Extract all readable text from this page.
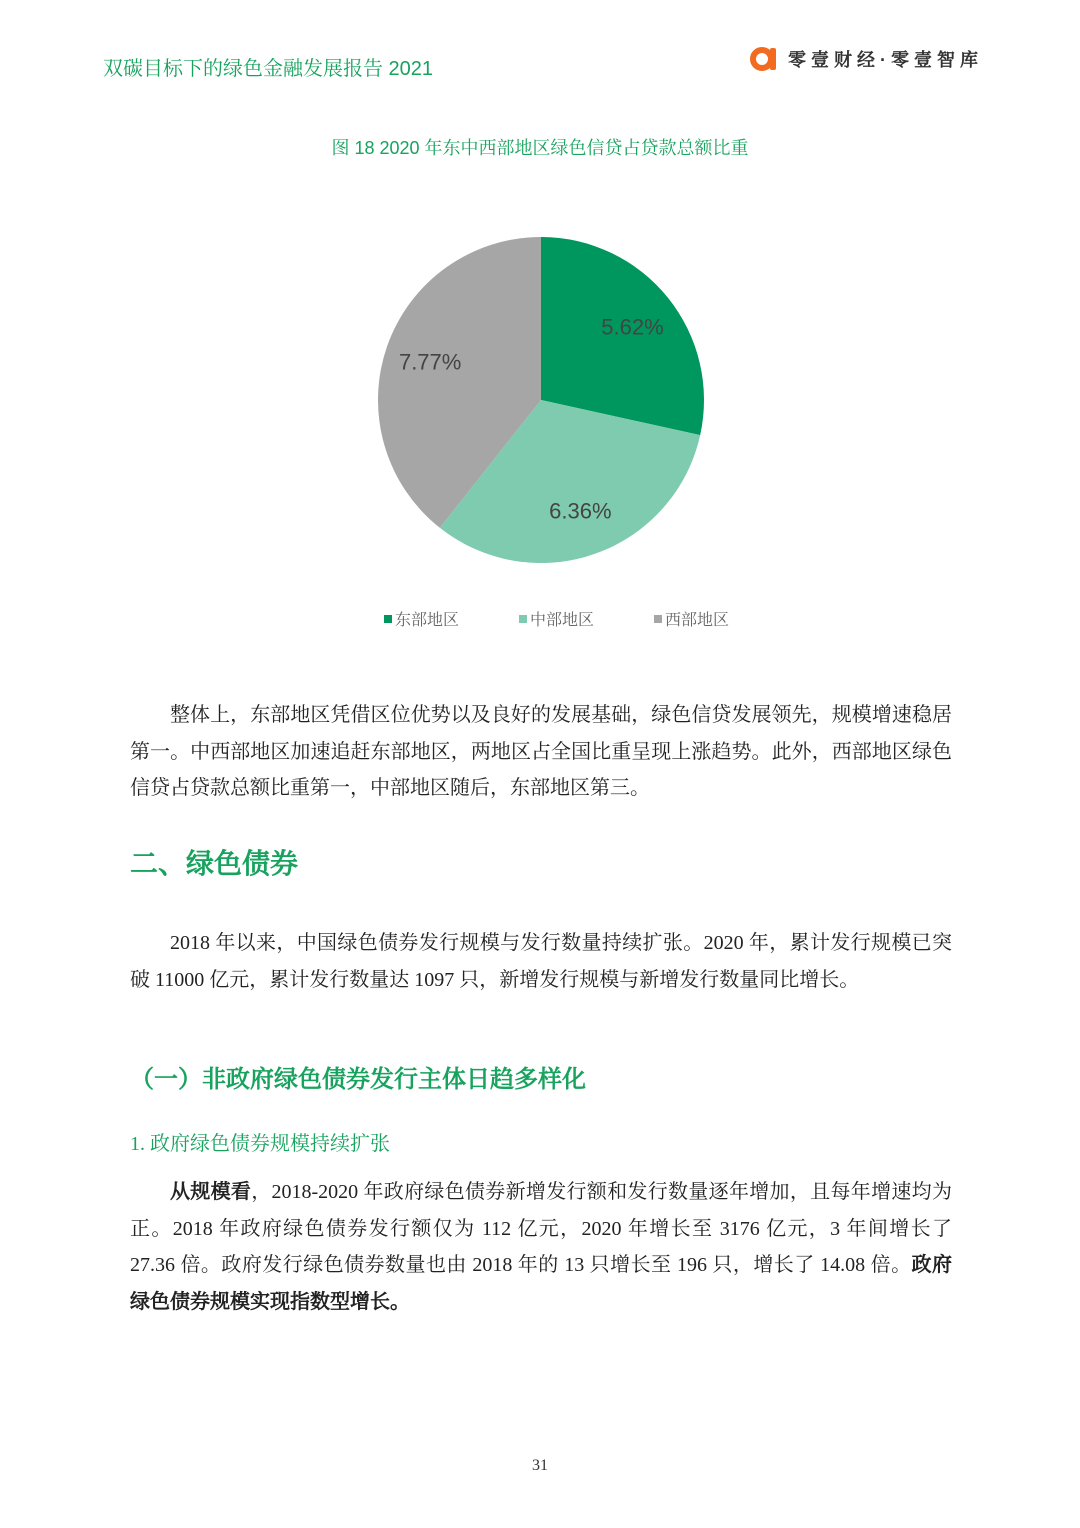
双碳目标下的绿色金融发展报告 2021	零壹财经·零壹智库
图 18 2020 年东中西部地区绿色信贷占贷款总额比重
5.62%
6.36%
7.77%
东部地区	中部地区	西部地区
整体上，东部地区凭借区位优势以及良好的发展基础，绿色信贷发展领先，规模增速稳居第一。中西部地区加速追赶东部地区，两地区占全国比重呈现上涨趋势。此外，西部地区绿色信贷占贷款总额比重第一，中部地区随后，东部地区第三。
二、绿色债券
2018 年以来，中国绿色债券发行规模与发行数量持续扩张。2020 年，累计发行规模已突破 11000 亿元，累计发行数量达 1097 只，新增发行规模与新增发行数量同比增长。
（一）非政府绿色债券发行主体日趋多样化
1. 政府绿色债券规模持续扩张
从规模看，2018-2020 年政府绿色债券新增发行额和发行数量逐年增加，且每年增速均为正。2018 年政府绿色债券发行额仅为 112 亿元，2020 年增长至 3176 亿元，3 年间增长了 27.36 倍。政府发行绿色债券数量也由 2018 年的 13 只增长至 196 只，增长了 14.08 倍。政府绿色债券规模实现指数型增长。
31
